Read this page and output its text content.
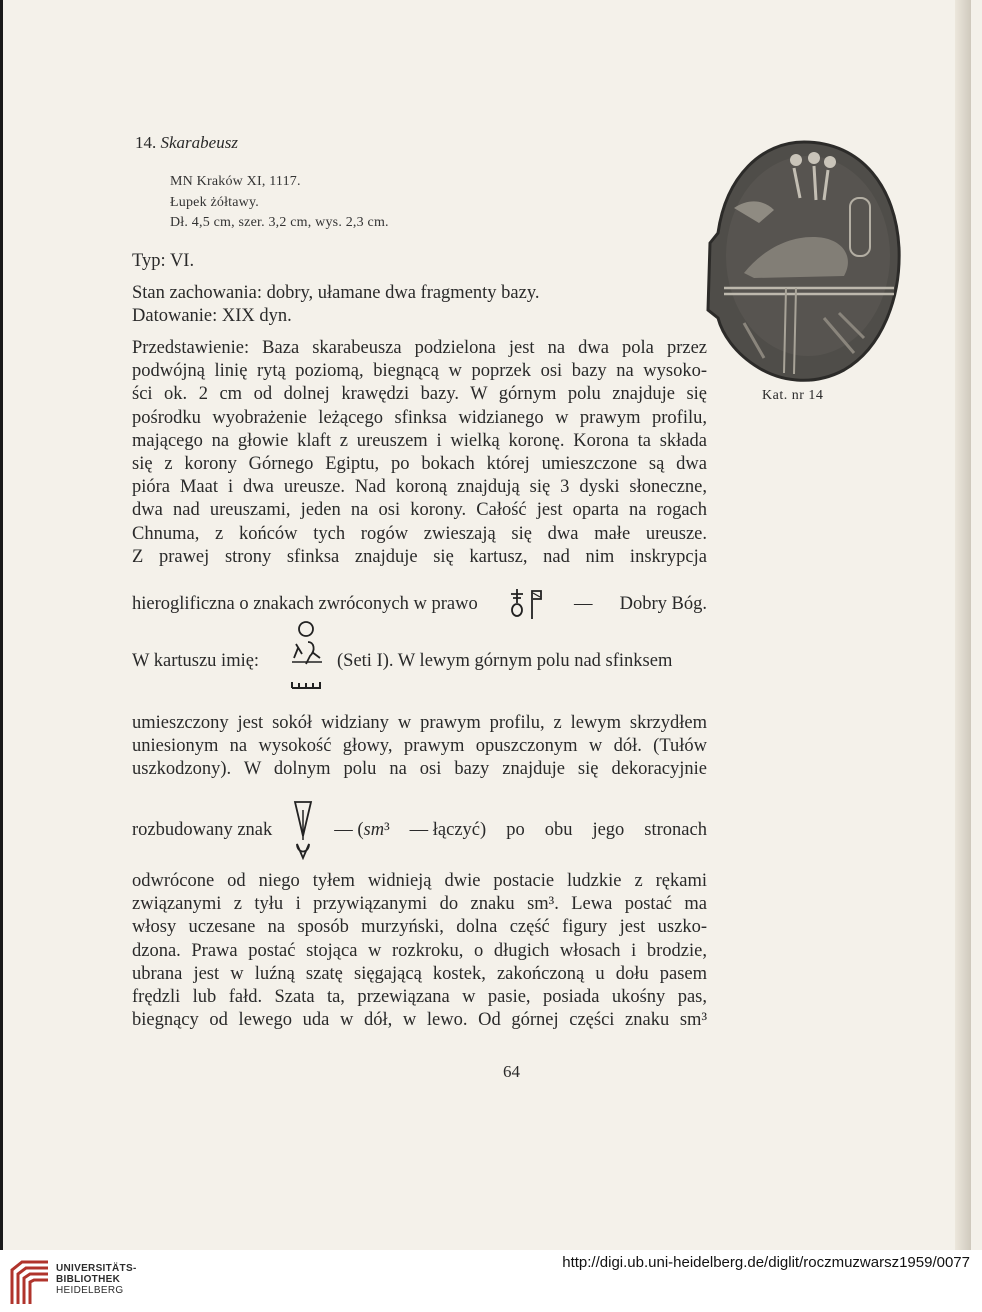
14. Skarabeusz
MN Kraków XI, 1117.
Łupek żółtawy.
Dł. 4,5 cm, szer. 3,2 cm, wys. 2,3 cm.
Typ: VI.
Stan zachowania: dobry, ułamane dwa fragmenty bazy.
Datowanie: XIX dyn.
Kat. nr 14
Przedstawienie: Baza skarabeusza podzielona jest na dwa pola przez
podwójną linię rytą poziomą, biegnącą w poprzek osi bazy na wysoko-
ści ok. 2 cm od dolnej krawędzi bazy. W górnym polu znajduje się
pośrodku wyobrażenie leżącego sfinksa widzianego w prawym profilu,
mającego na głowie klaft z ureuszem i wielką koronę. Korona ta składa
się z korony Górnego Egiptu, po bokach której umieszczone są dwa
pióra Maat i dwa ureusze. Nad koroną znajdują się 3 dyski słoneczne,
dwa nad ureuszami, jeden na osi korony. Całość jest oparta na rogach
Chnuma, z końców tych rogów zwieszają się dwa małe ureusze.
Z prawej strony sfinksa znajduje się kartusz, nad nim inskrypcja
hieroglificzna o znakach zwróconych w prawo	— Dobry Bóg.
W kartuszu imię:	(Seti I). W lewym górnym polu nad sfinksem
umieszczony jest sokół widziany w prawym profilu, z lewym skrzydłem
uniesionym na wysokość głowy, prawym opuszczonym w dół. (Tułów
uszkodzony). W dolnym polu na osi bazy znajduje się dekoracyjnie
rozbudowany znak	— (sm³ — łączyć) po obu jego stronach
odwrócone od niego tyłem widnieją dwie postacie ludzkie z rękami
związanymi z tyłu i przywiązanymi do znaku sm³. Lewa postać ma
włosy uczesane na sposób murzyński, dolna część figury jest uszko-
dzona. Prawa postać stojąca w rozkroku, o długich włosach i brodzie,
ubrana jest w luźną szatę sięgającą kostek, zakończoną u dołu pasem
frędzli lub fałd. Szata ta, przewiązana w pasie, posiada ukośny pas,
biegnący od lewego uda w dół, w lewo. Od górnej części znaku sm³
64
UNIVERSITÄTS-
BIBLIOTHEK
HEIDELBERG
http://digi.ub.uni-heidelberg.de/diglit/roczmuzwarsz1959/0077
